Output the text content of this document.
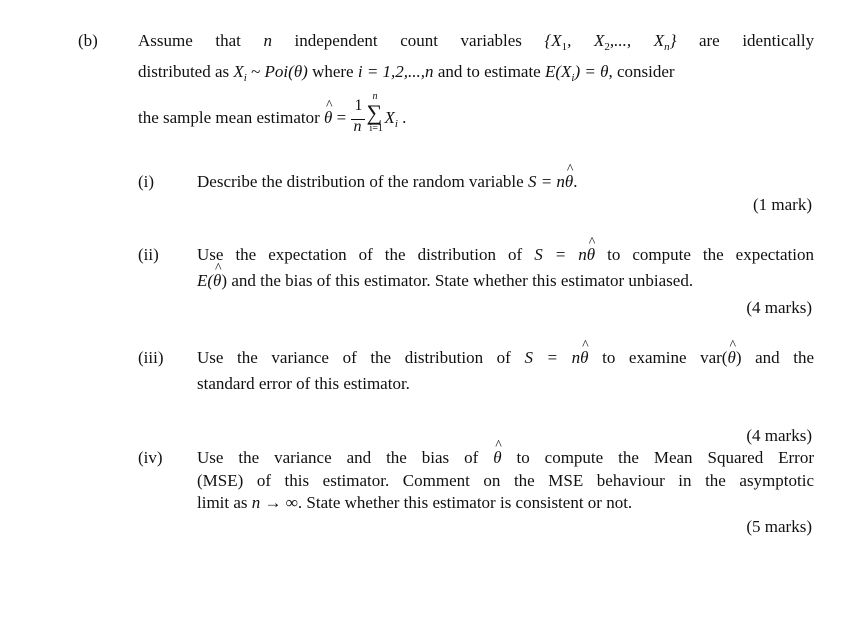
(b) Assume that n independent count variables {$X_1$, $X_2$,..., $X_n$} are identically
distributed as $X_i$ ~ Poi(θ) where i = 1,2,...,n and to estimate $E(X_i) = \theta$, consider
the sample mean estimator ^ $\theta = \frac{1}{n}$
n
∑
i=1
$X_i$ .
(i)	Describe the distribution of the random variable S = n^ θ.
(1 mark)
(ii) Use the expectation of the distribution of S = n^ θ to compute the expectation
E(^ θ) and the bias of this estimator. State whether this estimator unbiased.
(4 marks)
(iii) Use the variance of the distribution of S = n^ θ to examine var(^ θ) and the
standard error of this estimator.
(4 marks)
(iv) Use the variance and the bias of ^ θ to compute the Mean Squared Error
(MSE) of this estimator. Comment on the MSE behaviour in the asymptotic
limit as n → ∞. State whether this estimator is consistent or not.
(5 marks)
